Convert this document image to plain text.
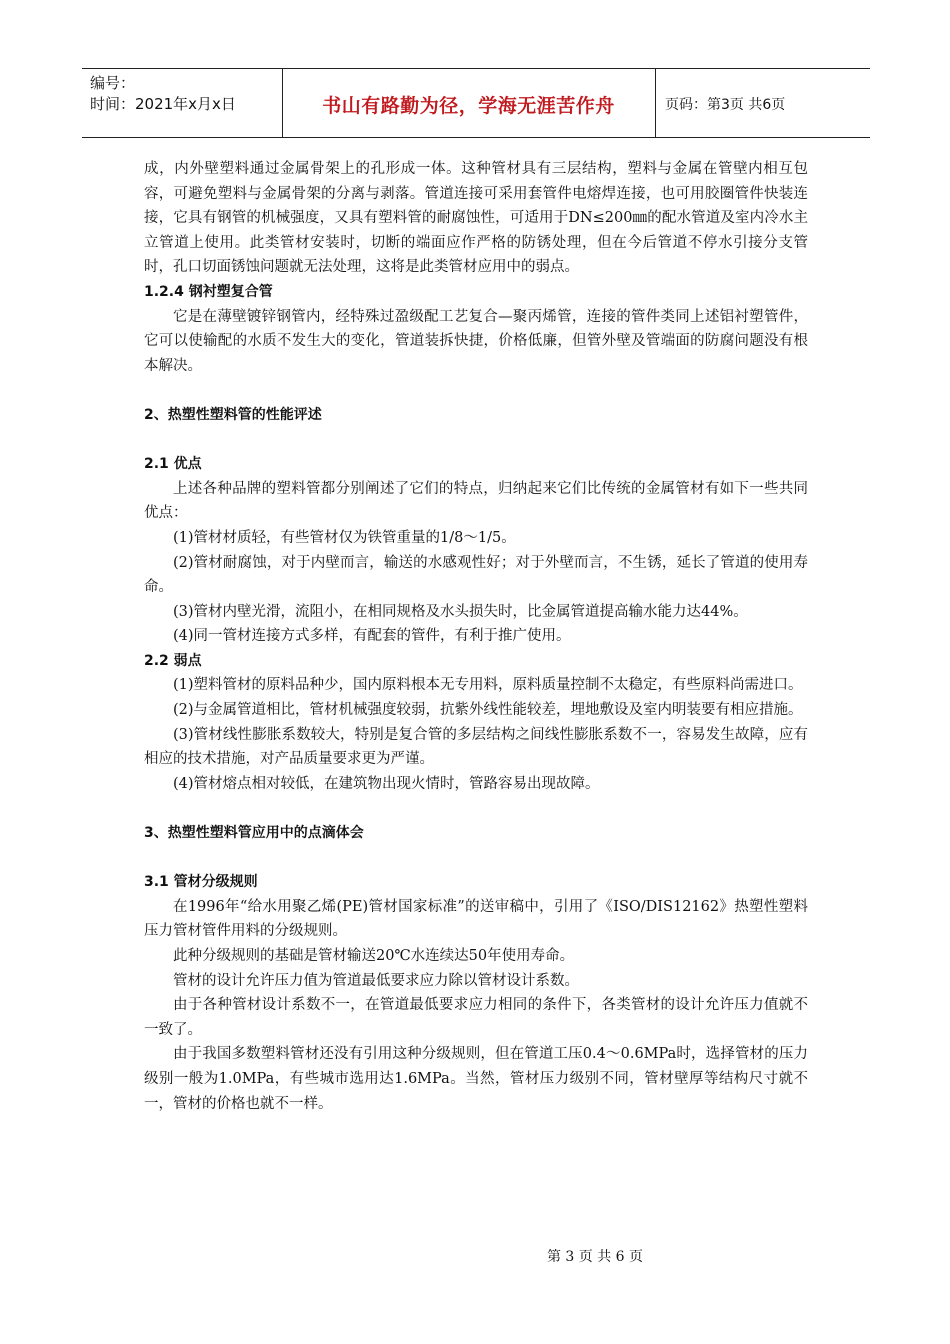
编号：
时间：2021年x月x日	书山有路勤为径，学海无涯苦作舟	页码：第3页 共6页

成，内外壁塑料通过金属骨架上的孔形成一体。这种管材具有三层结构，塑料与金属在管壁内相互包容，可避免塑料与金属骨架的分离与剥落。管道连接可采用套管件电熔焊连接，也可用胶圈管件快装连接，它具有钢管的机械强度，又具有塑料管的耐腐蚀性，可适用于DN≤200㎜的配水管道及室内冷水主立管道上使用。此类管材安装时，切断的端面应作严格的防锈处理，但在今后管道不停水引接分支管时，孔口切面锈蚀问题就无法处理，这将是此类管材应用中的弱点。

1.2.4 钢衬塑复合管

它是在薄壁镀锌钢管内，经特殊过盈级配工艺复合—聚丙烯管，连接的管件类同上述铝衬塑管件，它可以使输配的水质不发生大的变化，管道装拆快捷，价格低廉，但管外壁及管端面的防腐问题没有根本解决。

2、热塑性塑料管的性能评述

2.1 优点

上述各种品牌的塑料管都分别阐述了它们的特点，归纳起来它们比传统的金属管材有如下一些共同优点：

(1)管材材质轻，有些管材仅为铁管重量的1/8～1/5。

(2)管材耐腐蚀，对于内壁而言，输送的水感观性好；对于外壁而言，不生锈，延长了管道的使用寿命。

(3)管材内壁光滑，流阻小，在相同规格及水头损失时，比金属管道提高输水能力达44%。

(4)同一管材连接方式多样，有配套的管件，有利于推广使用。

2.2 弱点

(1)塑料管材的原料品种少，国内原料根本无专用料，原料质量控制不太稳定，有些原料尚需进口。

(2)与金属管道相比，管材机械强度较弱，抗紫外线性能较差，埋地敷设及室内明装要有相应措施。

(3)管材线性膨胀系数较大，特别是复合管的多层结构之间线性膨胀系数不一，容易发生故障，应有相应的技术措施，对产品质量要求更为严谨。

(4)管材熔点相对较低，在建筑物出现火情时，管路容易出现故障。

3、热塑性塑料管应用中的点滴体会

3.1 管材分级规则

在1996年“给水用聚乙烯(PE)管材国家标准”的送审稿中，引用了《ISO/DIS12162》热塑性塑料压力管材管件用料的分级规则。

此种分级规则的基础是管材输送20℃水连续达50年使用寿命。

管材的设计允许压力值为管道最低要求应力除以管材设计系数。

由于各种管材设计系数不一，在管道最低要求应力相同的条件下，各类管材的设计允许压力值就不一致了。

由于我国多数塑料管材还没有引用这种分级规则，但在管道工压0.4～0.6MPa时，选择管材的压力级别一般为1.0MPa，有些城市选用达1.6MPa。当然，管材压力级别不同，管材壁厚等结构尺寸就不一，管材的价格也就不一样。

第 3 页 共 6 页
